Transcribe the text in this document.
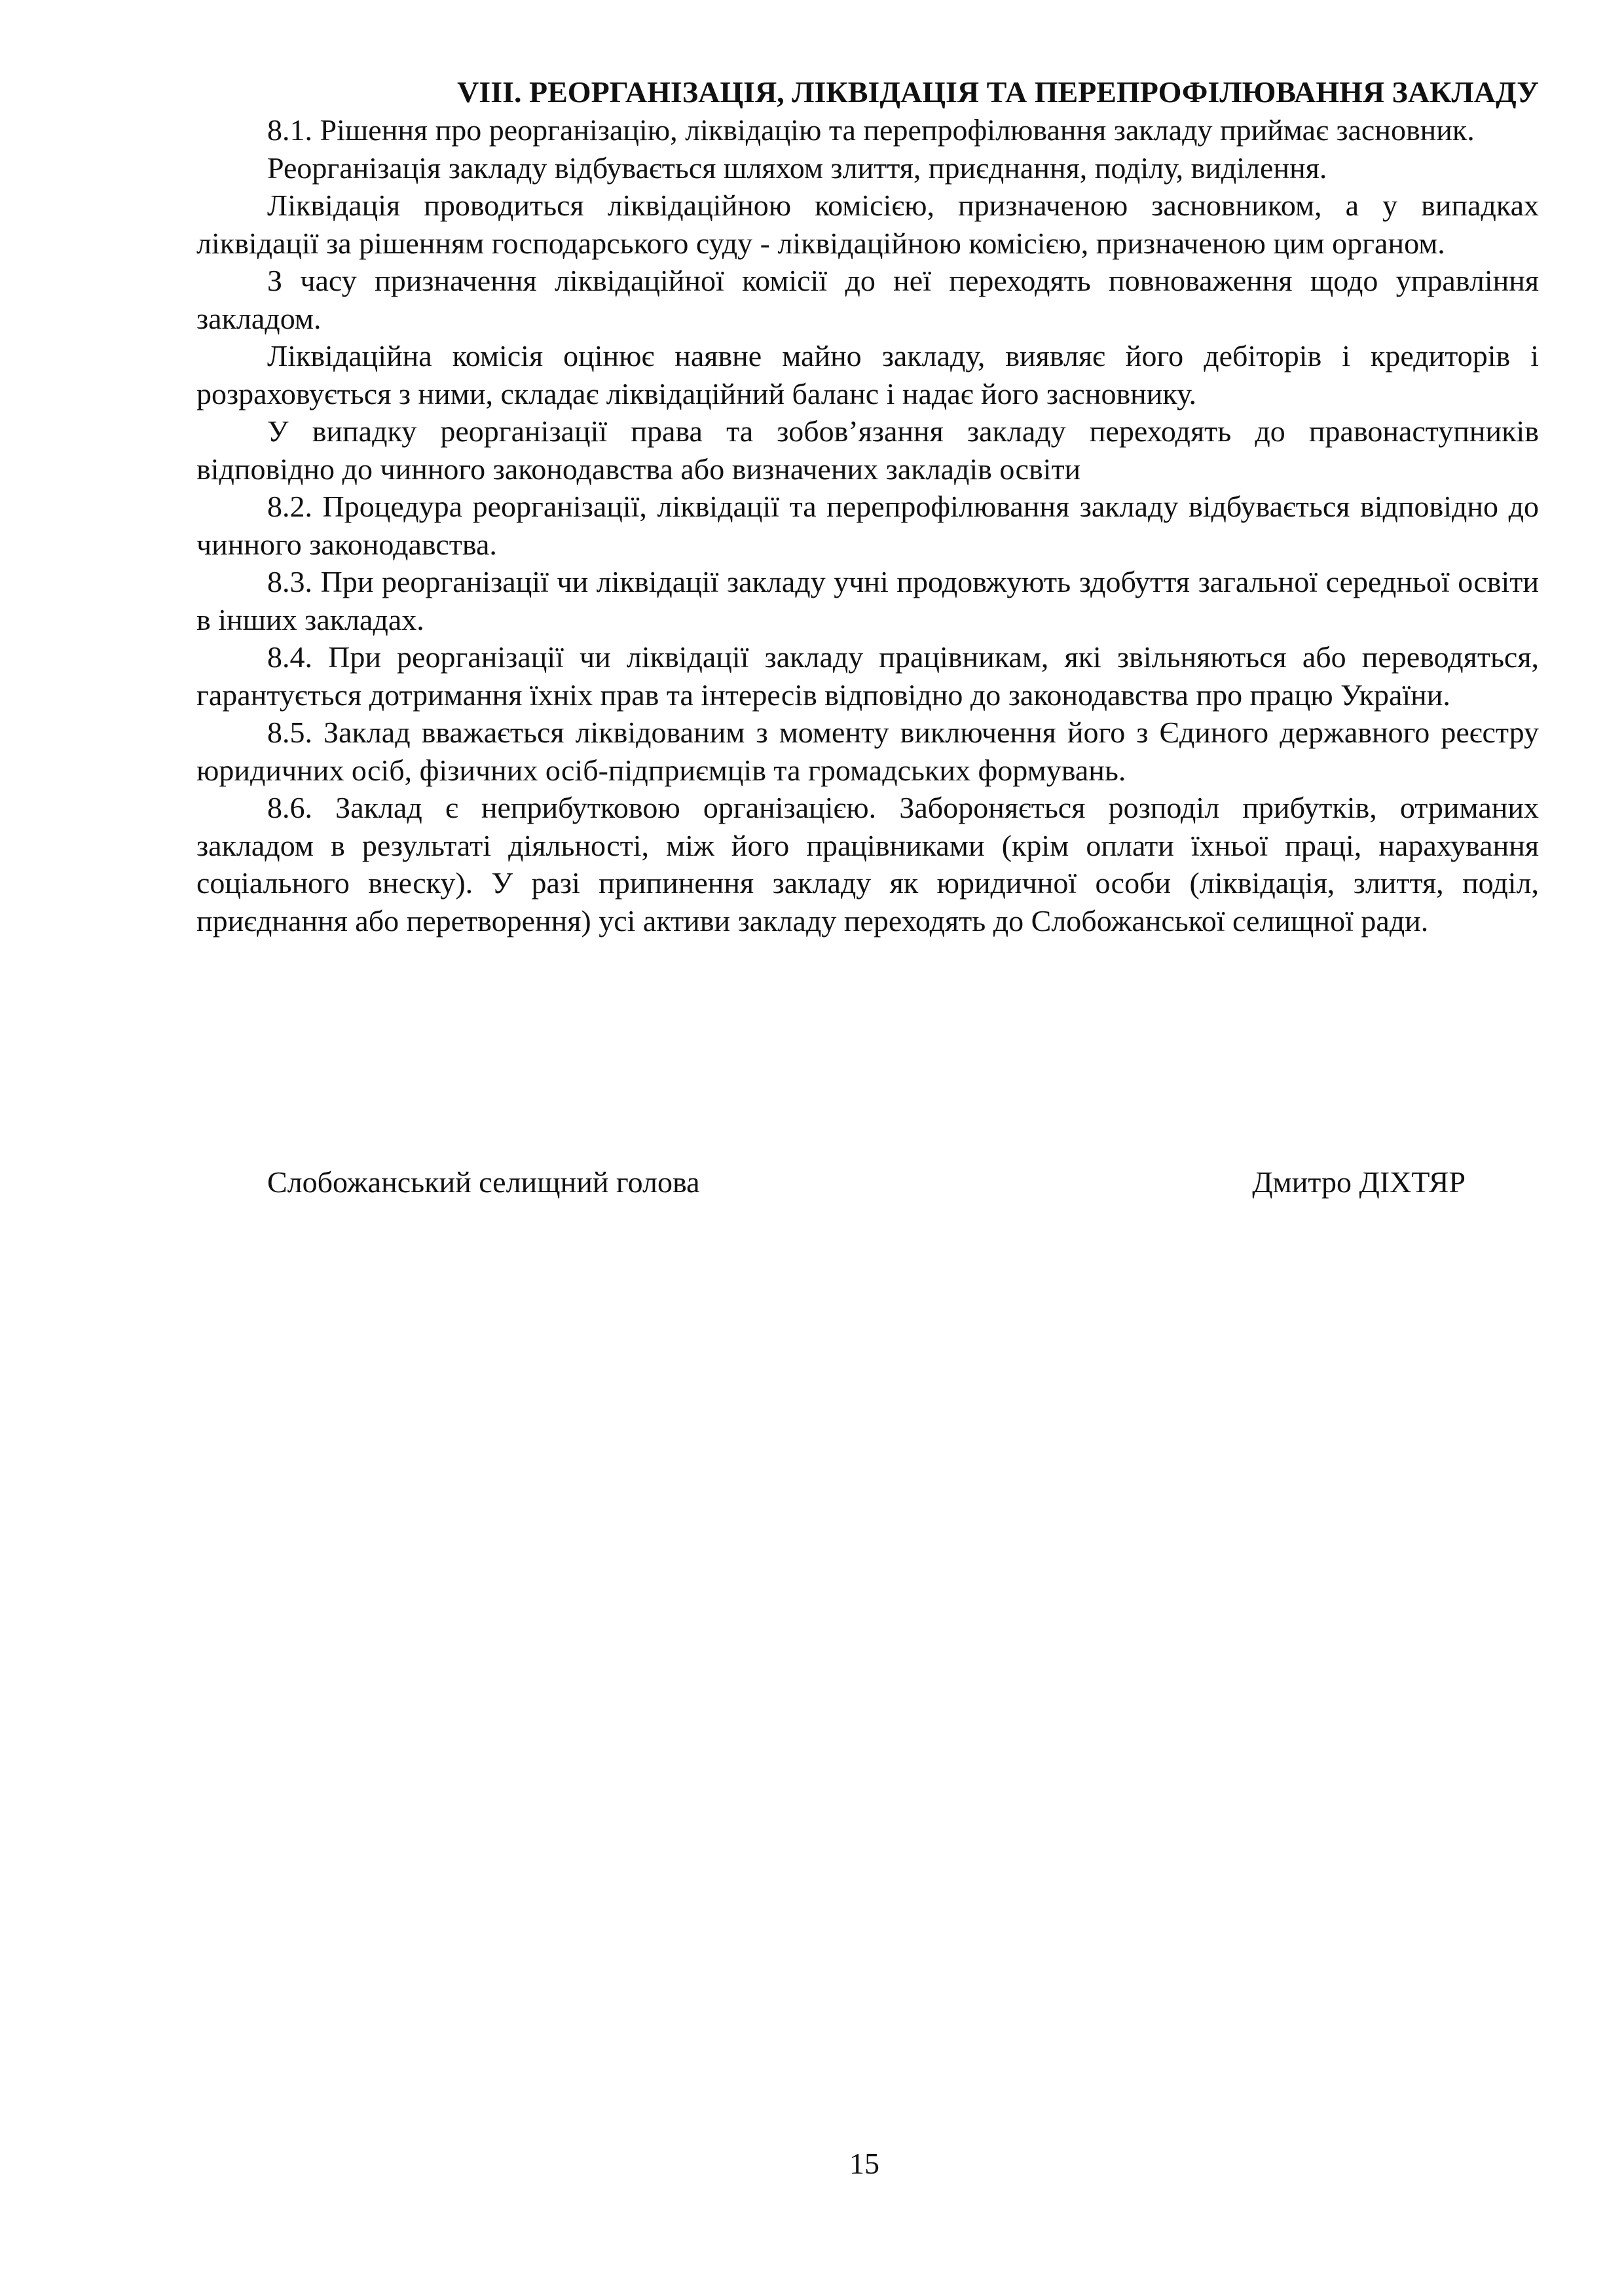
VIII. РЕОРГАНІЗАЦІЯ, ЛІКВІДАЦІЯ ТА ПЕРЕПРОФІЛЮВАННЯ ЗАКЛАДУ

8.1. Рішення про реорганізацію, ліквідацію та перепрофілювання закладу приймає засновник.

Реорганізація закладу відбувається шляхом злиття, приєднання, поділу, виділення.

Ліквідація проводиться ліквідаційною комісією, призначеною засновником, а у випадках ліквідації за рішенням господарського суду - ліквідаційною комісією, призначеною цим органом.

З часу призначення ліквідаційної комісії до неї переходять повноваження щодо управління закладом.

Ліквідаційна комісія оцінює наявне майно закладу, виявляє його дебіторів і кредиторів і розраховується з ними, складає ліквідаційний баланс і надає його засновнику.

У випадку реорганізації права та зобов’язання закладу переходять до правонаступників відповідно до чинного законодавства або визначених закладів освіти

8.2. Процедура реорганізації, ліквідації та перепрофілювання закладу відбувається відповідно до чинного законодавства.

8.3. При реорганізації чи ліквідації закладу учні продовжують здобуття загальної середньої освіти в інших закладах.

8.4. При реорганізації чи ліквідації закладу працівникам, які звільняються або переводяться, гарантується дотримання їхніх прав та інтересів відповідно до законодавства про працю України.

8.5. Заклад вважається ліквідованим з моменту виключення його з Єдиного державного реєстру юридичних осіб, фізичних осіб-підприємців та громадських формувань.

8.6. Заклад є неприбутковою організацією. Забороняється розподіл прибутків, отриманих закладом в результаті діяльності, між його працівниками (крім оплати їхньої праці, нарахування соціального внеску). У разі припинення закладу як юридичної особи (ліквідація, злиття, поділ, приєднання або перетворення) усі активи закладу переходять до Слобожанської селищної ради.

Слобожанський селищний голова	Дмитро ДІХТЯР
15
